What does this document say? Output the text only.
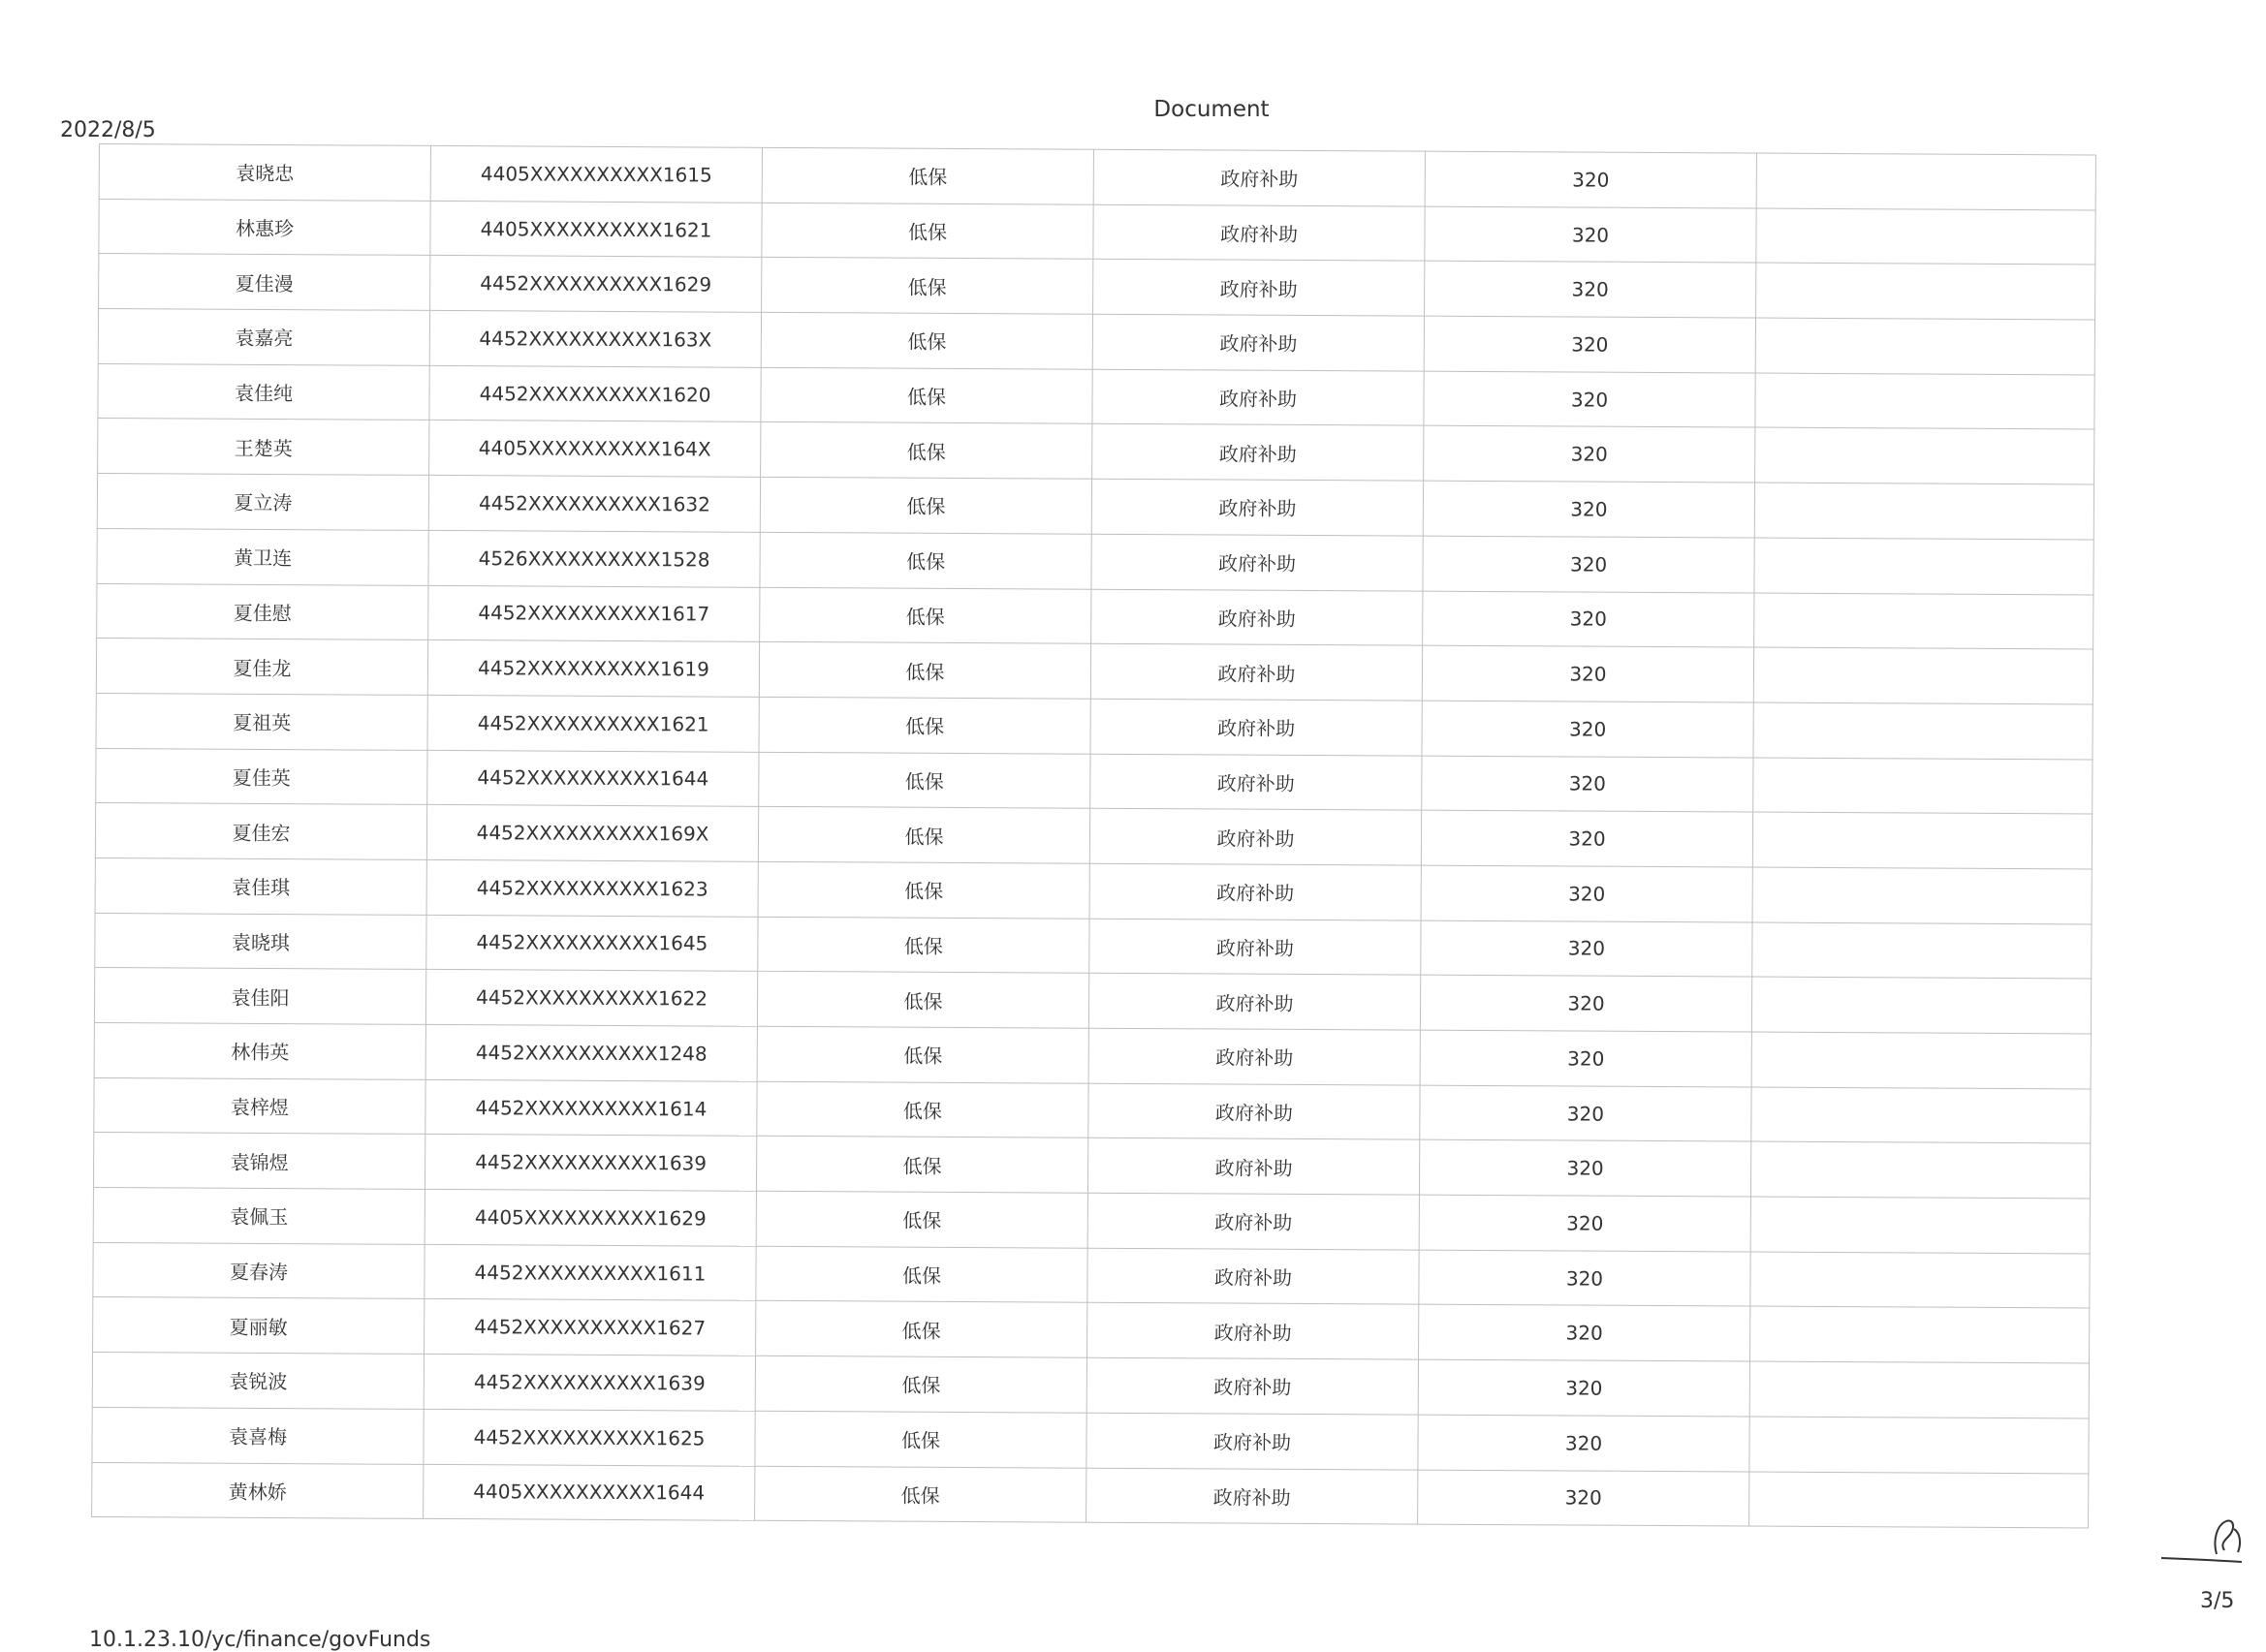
2022/8/5
Document
袁晓忠	4405XXXXXXXXXX1615	低保	政府补助	320	
林惠珍	4405XXXXXXXXXX1621	低保	政府补助	320	
夏佳漫	4452XXXXXXXXXX1629	低保	政府补助	320	
袁嘉亮	4452XXXXXXXXXX163X	低保	政府补助	320	
袁佳纯	4452XXXXXXXXXX1620	低保	政府补助	320	
王楚英	4405XXXXXXXXXX164X	低保	政府补助	320	
夏立涛	4452XXXXXXXXXX1632	低保	政府补助	320	
黄卫连	4526XXXXXXXXXX1528	低保	政府补助	320	
夏佳慰	4452XXXXXXXXXX1617	低保	政府补助	320	
夏佳龙	4452XXXXXXXXXX1619	低保	政府补助	320	
夏祖英	4452XXXXXXXXXX1621	低保	政府补助	320	
夏佳英	4452XXXXXXXXXX1644	低保	政府补助	320	
夏佳宏	4452XXXXXXXXXX169X	低保	政府补助	320	
袁佳琪	4452XXXXXXXXXX1623	低保	政府补助	320	
袁晓琪	4452XXXXXXXXXX1645	低保	政府补助	320	
袁佳阳	4452XXXXXXXXXX1622	低保	政府补助	320	
林伟英	4452XXXXXXXXXX1248	低保	政府补助	320	
袁梓煜	4452XXXXXXXXXX1614	低保	政府补助	320	
袁锦煜	4452XXXXXXXXXX1639	低保	政府补助	320	
袁佩玉	4405XXXXXXXXXX1629	低保	政府补助	320	
夏春涛	4452XXXXXXXXXX1611	低保	政府补助	320	
夏丽敏	4452XXXXXXXXXX1627	低保	政府补助	320	
袁锐波	4452XXXXXXXXXX1639	低保	政府补助	320	
袁喜梅	4452XXXXXXXXXX1625	低保	政府补助	320	
黄林娇	4405XXXXXXXXXX1644	低保	政府补助	320	
3/5
10.1.23.10/yc/finance/govFunds
